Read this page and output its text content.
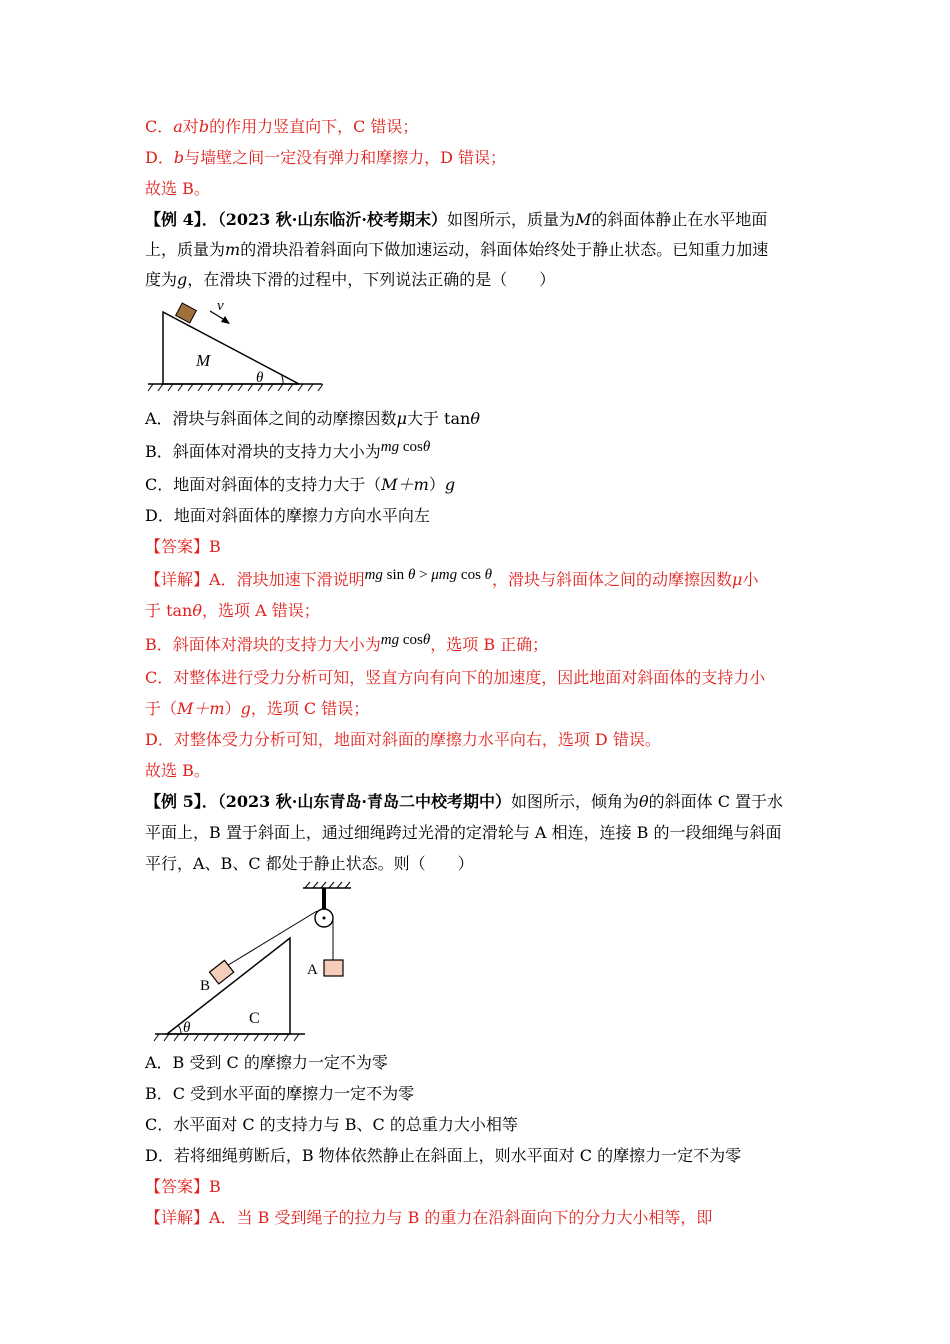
C．a对b的作用力竖直向下，C 错误；
D．b与墙壁之间一定没有弹力和摩擦力，D 错误；
故选 B。
【例 4】．（2023 秋·山东临沂·校考期末）如图所示，质量为M的斜面体静止在水平地面
上，质量为m的滑块沿着斜面向下做加速运动，斜面体始终处于静止状态。已知重力加速
度为g，在滑块下滑的过程中，下列说法正确的是（　　）
v
M
θ
A．滑块与斜面体之间的动摩擦因数μ大于 tanθ
B．斜面体对滑块的支持力大小为mg cosθ
C．地面对斜面体的支持力大于（M＋m）g
D．地面对斜面体的摩擦力方向水平向左
【答案】B
【详解】A．滑块加速下滑说明mg sin θ > μmg cos θ，滑块与斜面体之间的动摩擦因数μ小
于 tanθ，选项 A 错误；
B．斜面体对滑块的支持力大小为mg cosθ，选项 B 正确；
C．对整体进行受力分析可知，竖直方向有向下的加速度，因此地面对斜面体的支持力小
于（M＋m）g，选项 C 错误；
D．对整体受力分析可知，地面对斜面的摩擦力水平向右，选项 D 错误。
故选 B。
【例 5】．（2023 秋·山东青岛·青岛二中校考期中）如图所示，倾角为θ的斜面体 C 置于水
平面上，B 置于斜面上，通过细绳跨过光滑的定滑轮与 A 相连，连接 B 的一段细绳与斜面
平行，A、B、C 都处于静止状态。则（　　）
A
B
C
θ
A．B 受到 C 的摩擦力一定不为零
B．C 受到水平面的摩擦力一定不为零
C．水平面对 C 的支持力与 B、C 的总重力大小相等
D．若将细绳剪断后，B 物体依然静止在斜面上，则水平面对 C 的摩擦力一定不为零
【答案】B
【详解】A．当 B 受到绳子的拉力与 B 的重力在沿斜面向下的分力大小相等，即
